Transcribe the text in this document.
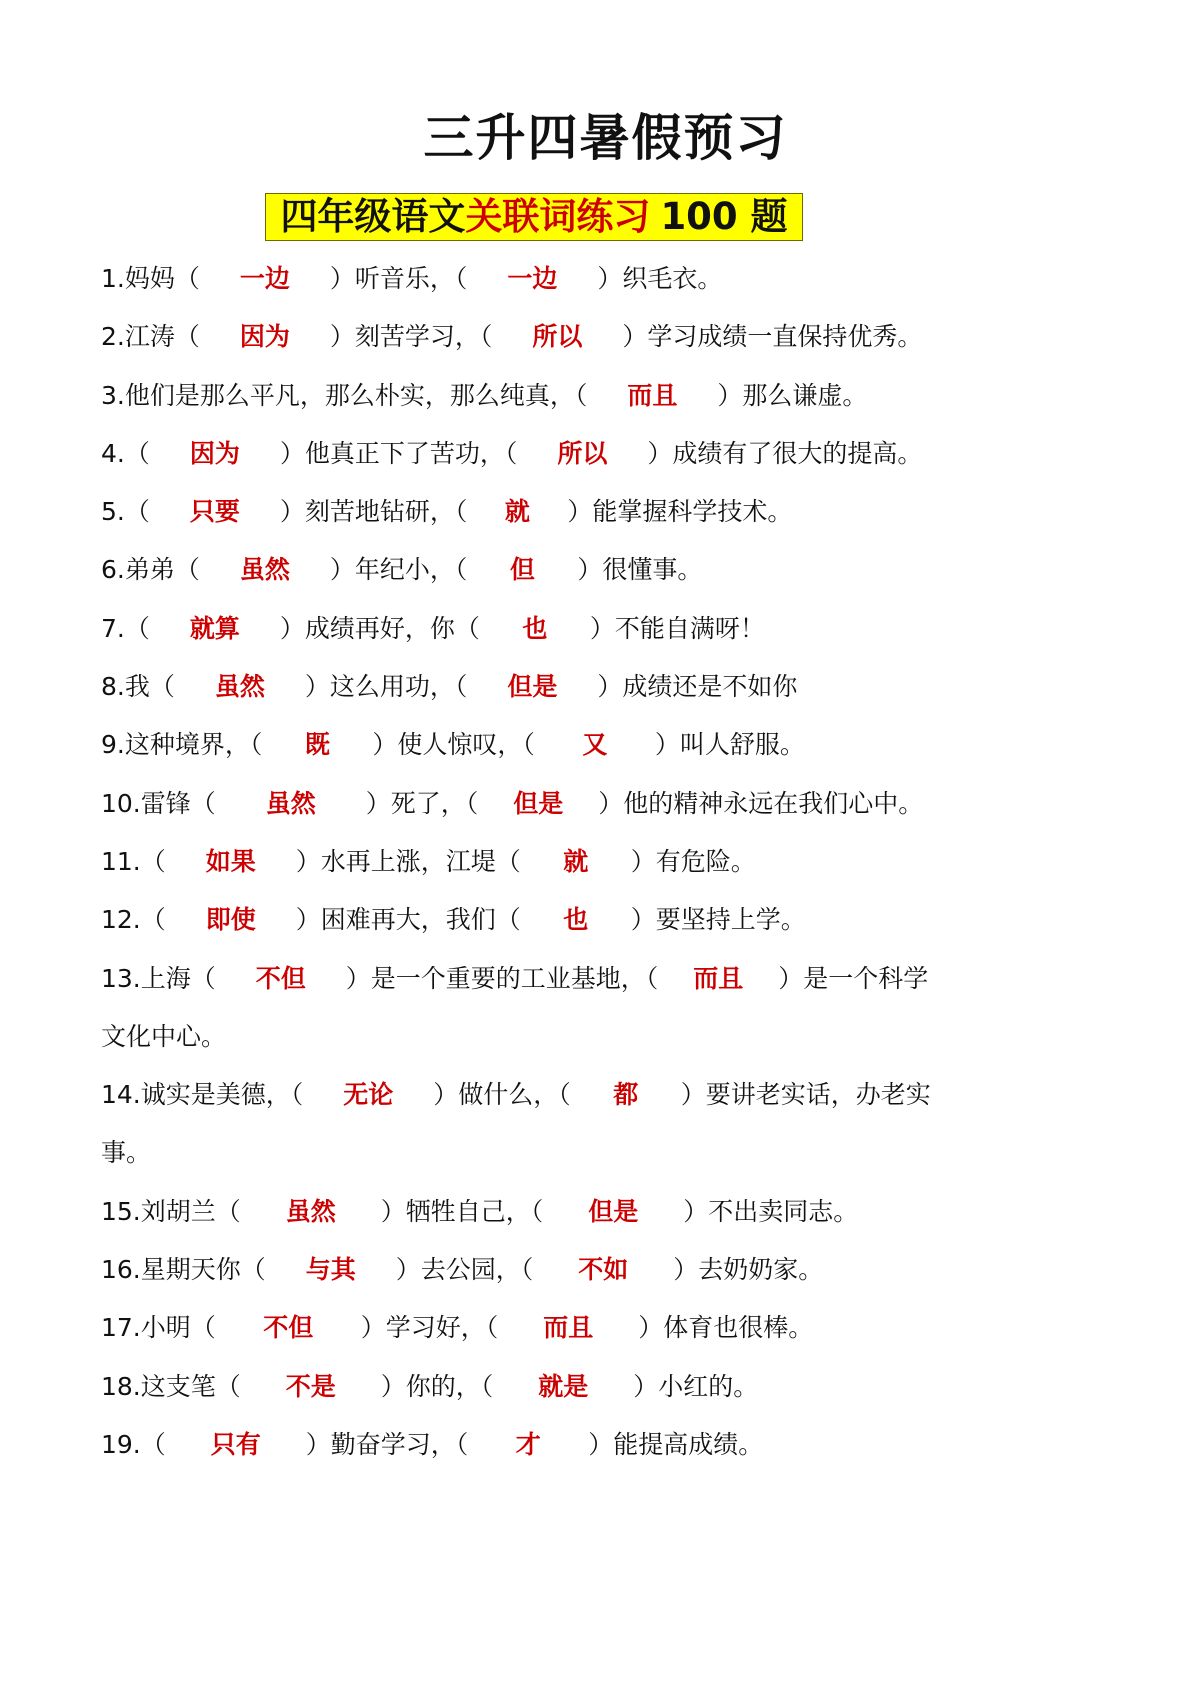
三升四暑假预习
四年级语文 关联词练习 100 题
1.妈妈（ 一边 ）听音乐，（ 一边 ）织毛衣。
2.江涛（ 因为 ）刻苦学习，（ 所以 ）学习成绩一直保持优秀。
3.他们是那么平凡，那么朴实，那么纯真，（ 而且 ）那么谦虚。
4.（ 因为 ）他真正下了苦功，（ 所以 ）成绩有了很大的提高。
5.（ 只要 ）刻苦地钻研，（ 就 ）能掌握科学技术。
6.弟弟（ 虽然 ）年纪小，（ 但 ）很懂事。
7.（ 就算 ）成绩再好，你（ 也 ）不能自满呀！
8.我（ 虽然 ）这么用功，（ 但是 ）成绩还是不如你
9.这种境界，（ 既 ）使人惊叹，（ 又 ）叫人舒服。
10.雷锋（ 虽然 ）死了，（ 但是 ）他的精神永远在我们心中。
11.（ 如果 ）水再上涨，江堤（ 就 ）有危险。
12.（ 即使 ）困难再大，我们（ 也 ）要坚持上学。
13.上海（ 不但 ）是一个重要的工业基地，（ 而且 ）是一个科学
文化中心。
14.诚实是美德，（ 无论 ）做什么，（ 都 ）要讲老实话，办老实
事。
15.刘胡兰（ 虽然 ）牺牲自己，（ 但是 ）不出卖同志。
16.星期天你（ 与其 ）去公园，（ 不如 ）去奶奶家。
17.小明（ 不但 ）学习好，（ 而且 ）体育也很棒。
18.这支笔（ 不是 ）你的，（ 就是 ）小红的。
19.（ 只有 ）勤奋学习，（ 才 ）能提高成绩。
